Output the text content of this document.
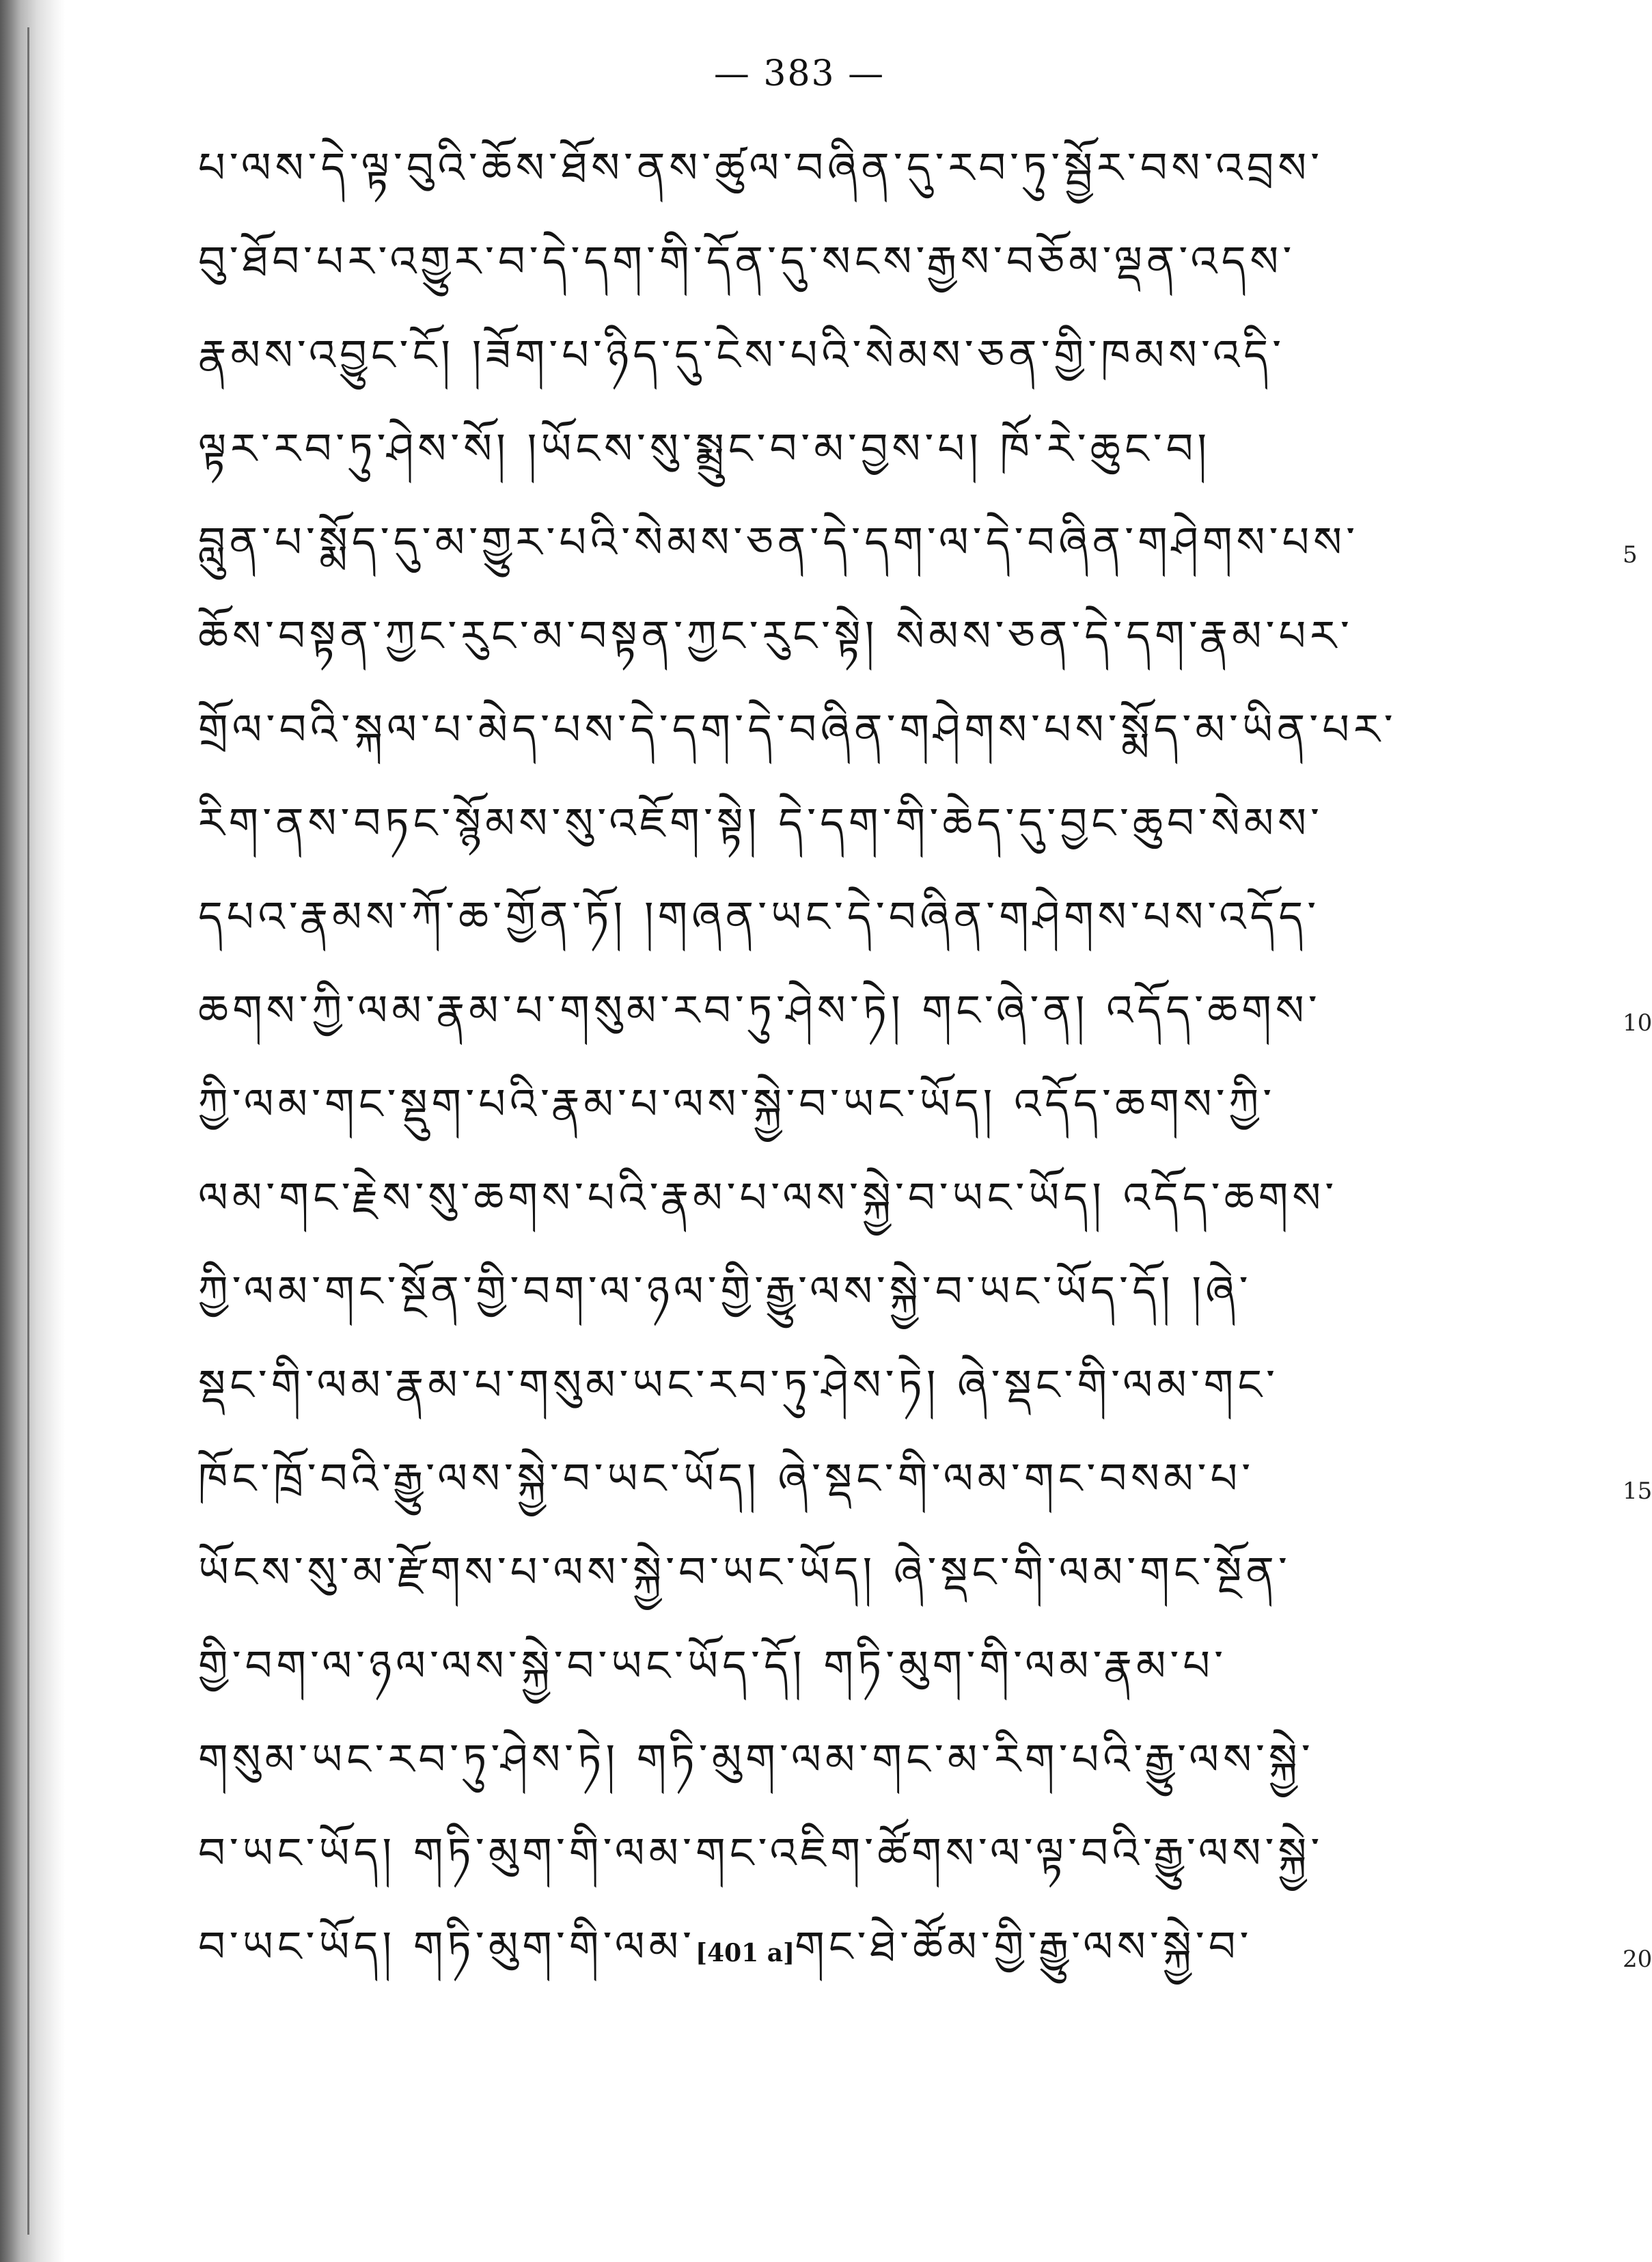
— 383 —
པ་ལས་དེ་ལྟ་བུའི་ཆོས་ཐོས་ནས་ཚུལ་བཞིན་དུ་རབ་ཏུ་སྦྱོར་བས་འབྲས་
བུ་ཐོབ་པར་འགྱུར་བ་དེ་དག་གི་དོན་དུ་སངས་རྒྱས་བཅོམ་ལྡན་འདས་
རྣམས་འབྱུང་ངོ། །ཟོག་པ་ཉིད་དུ་ངེས་པའི་སེམས་ཅན་གྱི་ཁམས་འདི་
ལྟར་རབ་ཏུ་ཤེས་སོ། །ཡོངས་སུ་སྨྲུང་བ་མ་བྱས་པ། ཁོ་རེ་ཆུང་བ།
བླུན་པ་སྨོད་དུ་མ་གྱུར་པའི་སེམས་ཅན་དེ་དག་ལ་དེ་བཞིན་གཤེགས་པས་	5
ཆོས་བསྟན་ཀྱང་རུང་མ་བསྟན་ཀྱང་རུང་སྟེ། སེམས་ཅན་དེ་དག་རྣམ་པར་
གྲོལ་བའི་སྐལ་པ་མེད་པས་དེ་དག་དེ་བཞིན་གཤེགས་པས་སྨོད་མ་ཡིན་པར་
རིག་ནས་བཏང་སྙོམས་སུ་འཇོག་སྟེ། དེ་དག་གི་ཆེད་དུ་བྱང་ཆུབ་སེམས་
དཔའ་རྣམས་ཀོ་ཆ་གྱོན་ཏོ། །གཞན་ཡང་དེ་བཞིན་གཤེགས་པས་འདོད་
ཆགས་ཀྱི་ལམ་རྣམ་པ་གསུམ་རབ་ཏུ་ཤེས་ཏེ། གང་ཞེ་ན། འདོད་ཆགས་	10
ཀྱི་ལམ་གང་སྡུག་པའི་རྣམ་པ་ལས་སྐྱེ་བ་ཡང་ཡོད། འདོད་ཆགས་ཀྱི་
ལམ་གང་རྗེས་སུ་ཆགས་པའི་རྣམ་པ་ལས་སྐྱེ་བ་ཡང་ཡོད། འདོད་ཆགས་
ཀྱི་ལམ་གང་སྔོན་གྱི་བག་ལ་ཉལ་གྱི་རྒྱུ་ལས་སྐྱེ་བ་ཡང་ཡོད་དོ། །ཞེ་
སྡང་གི་ལམ་རྣམ་པ་གསུམ་ཡང་རབ་ཏུ་ཤེས་ཏེ། ཞེ་སྡང་གི་ལམ་གང་
ཁོང་ཁྲོ་བའི་རྒྱུ་ལས་སྐྱེ་བ་ཡང་ཡོད། ཞེ་སྡང་གི་ལམ་གང་བསམ་པ་	15
ཡོངས་སུ་མ་རྫོགས་པ་ལས་སྐྱེ་བ་ཡང་ཡོད། ཞེ་སྡང་གི་ལམ་གང་སྔོན་
གྱི་བག་ལ་ཉལ་ལས་སྐྱེ་བ་ཡང་ཡོད་དོ། གཏི་མུག་གི་ལམ་རྣམ་པ་
གསུམ་ཡང་རབ་ཏུ་ཤེས་ཏེ། གཏི་མུག་ལམ་གང་མ་རིག་པའི་རྒྱུ་ལས་སྐྱེ་
བ་ཡང་ཡོད། གཏི་མུག་གི་ལམ་གང་འཇིག་ཚོགས་ལ་ལྟ་བའི་རྒྱུ་ལས་སྐྱེ་
བ་ཡང་ཡོད། གཏི་མུག་གི་ལམ་[401 a]གང་ཐེ་ཚོམ་གྱི་རྒྱུ་ལས་སྐྱེ་བ་	20
